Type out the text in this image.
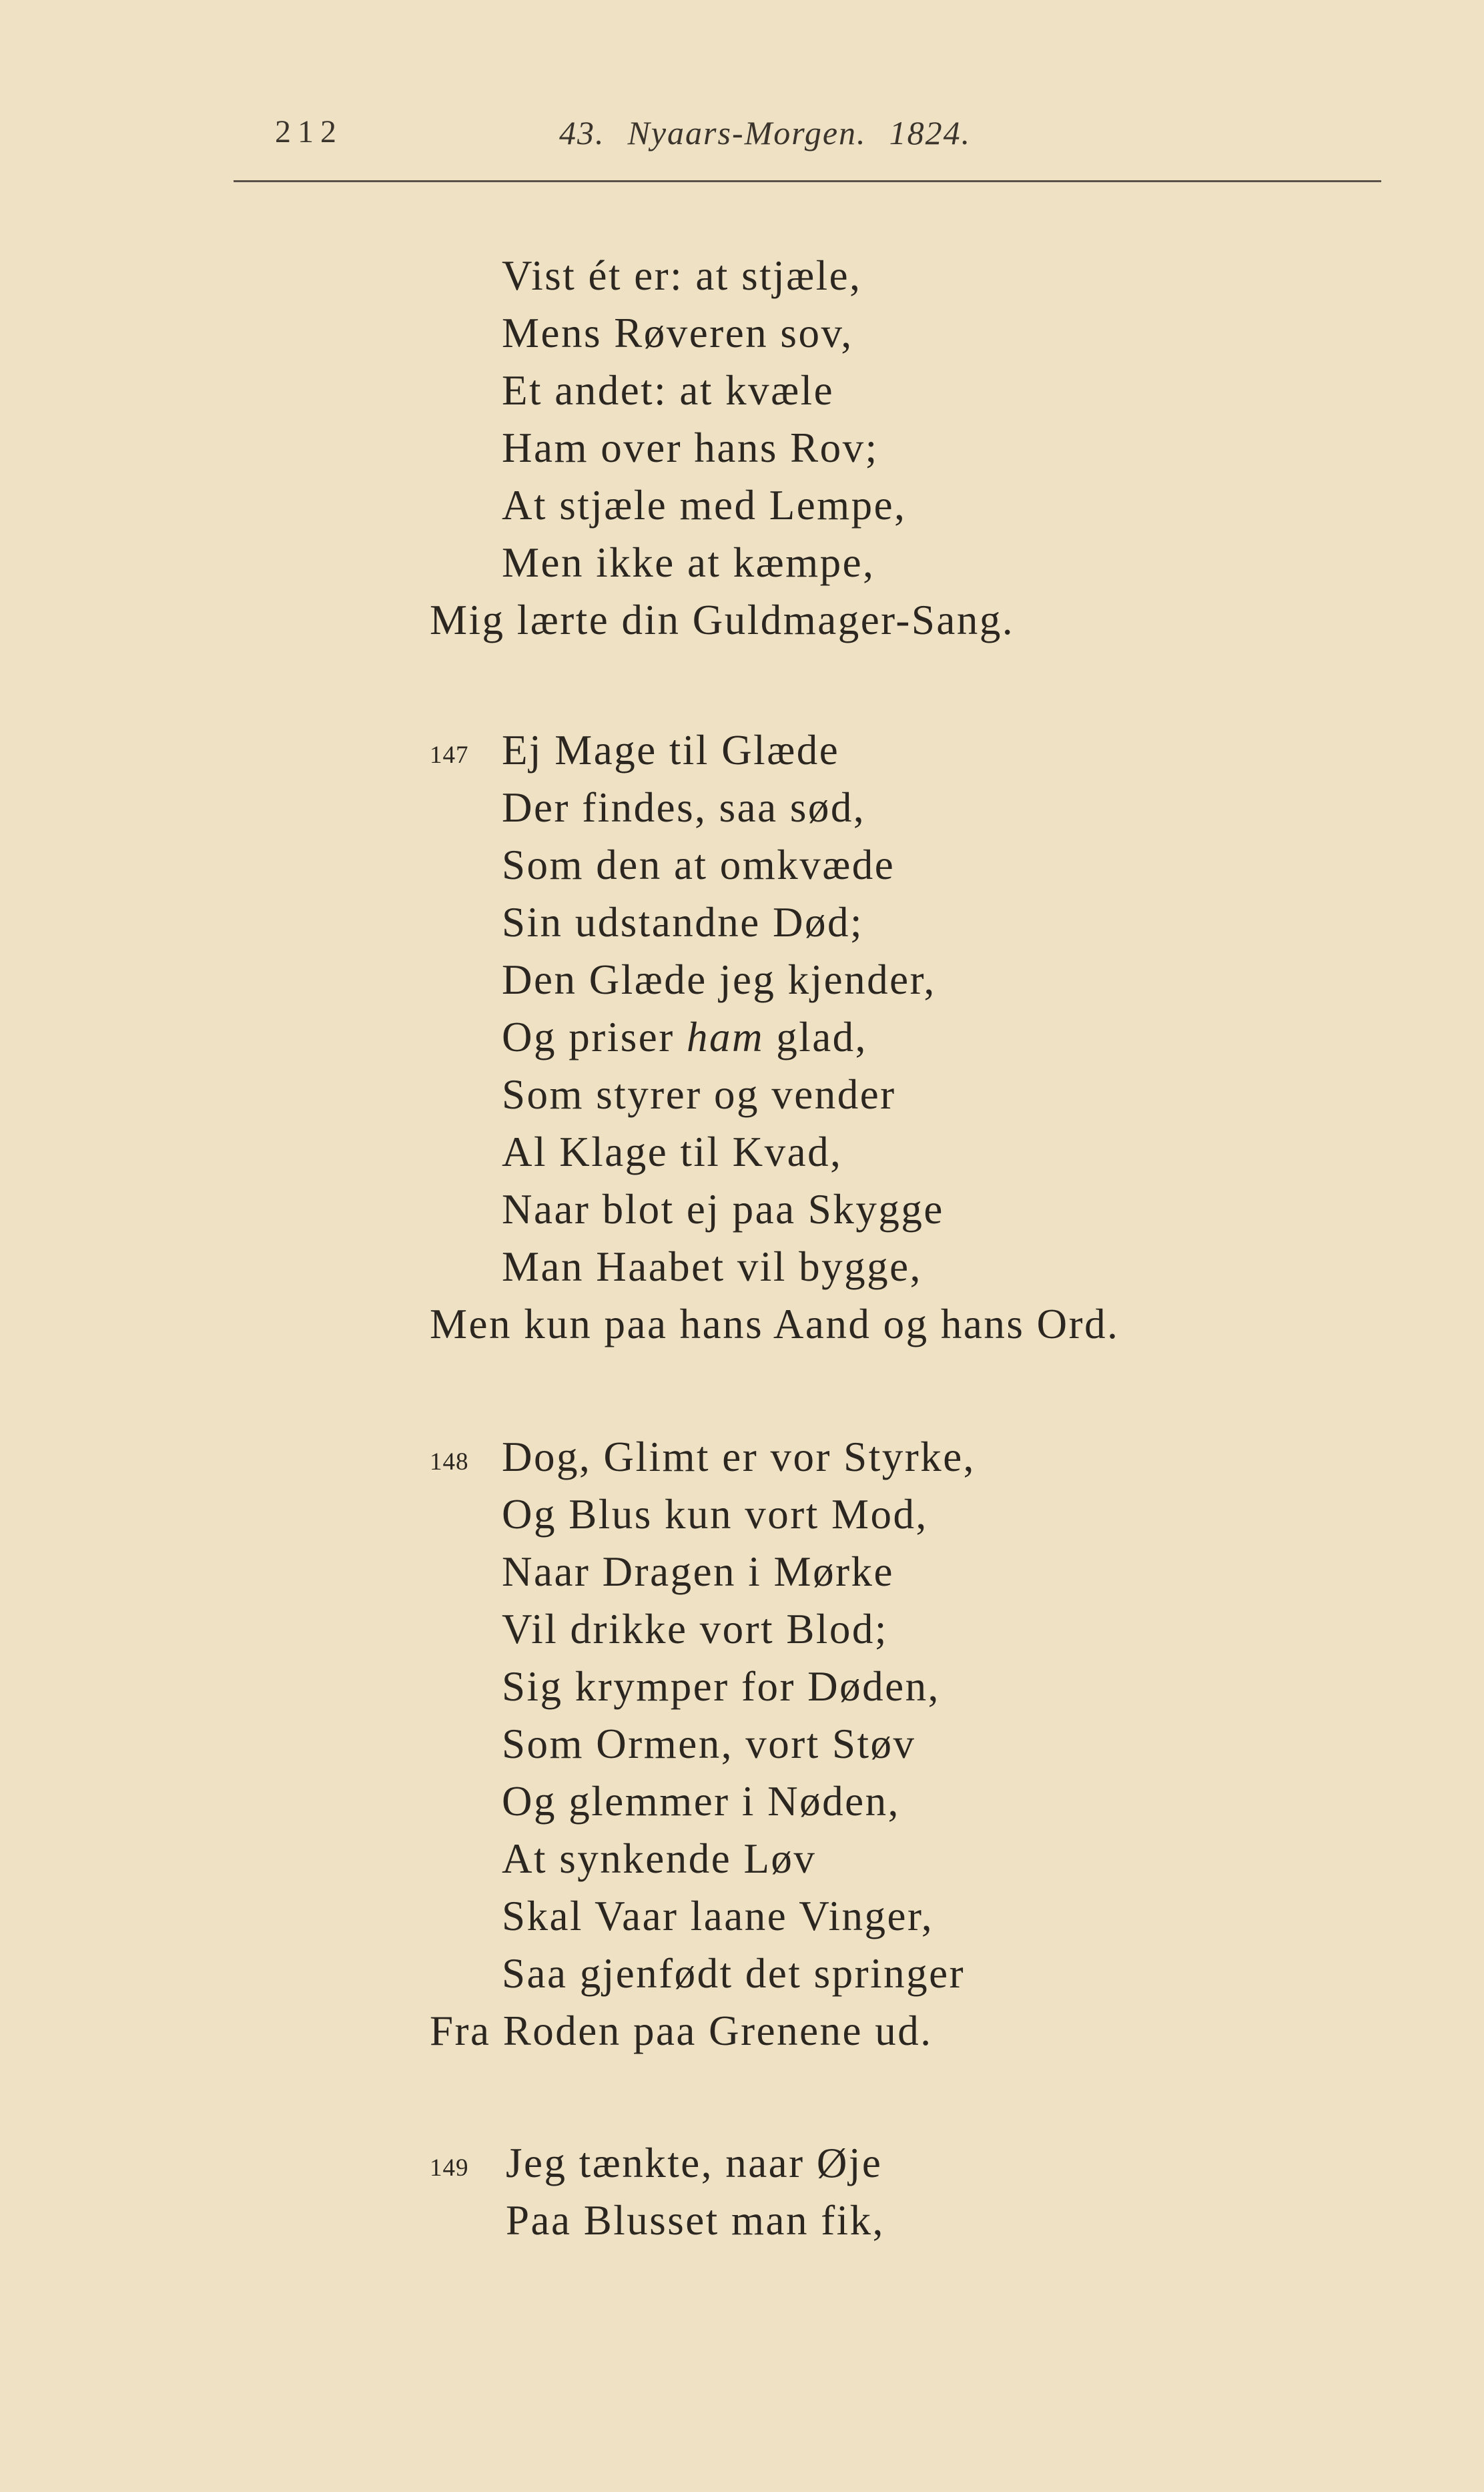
212	43. Nyaars-Morgen. 1824.
Vist ét er: at stjæle,
Mens Røveren sov,
Et andet: at kvæle
Ham over hans Rov;
At stjæle med Lempe,
Men ikke at kæmpe,
Mig lærte din Guldmager-Sang.
147 Ej Mage til Glæde
Der findes, saa sød,
Som den at omkvæde
Sin udstandne Død;
Den Glæde jeg kjender,
Og priser ham glad,
Som styrer og vender
Al Klage til Kvad,
Naar blot ej paa Skygge
Man Haabet vil bygge,
Men kun paa hans Aand og hans Ord.
148 Dog, Glimt er vor Styrke,
Og Blus kun vort Mod,
Naar Dragen i Mørke
Vil drikke vort Blod;
Sig krymper for Døden,
Som Ormen, vort Støv
Og glemmer i Nøden,
At synkende Løv
Skal Vaar laane Vinger,
Saa gjenfødt det springer
Fra Roden paa Grenene ud.
149 Jeg tænkte, naar Øje
Paa Blusset man fik,
